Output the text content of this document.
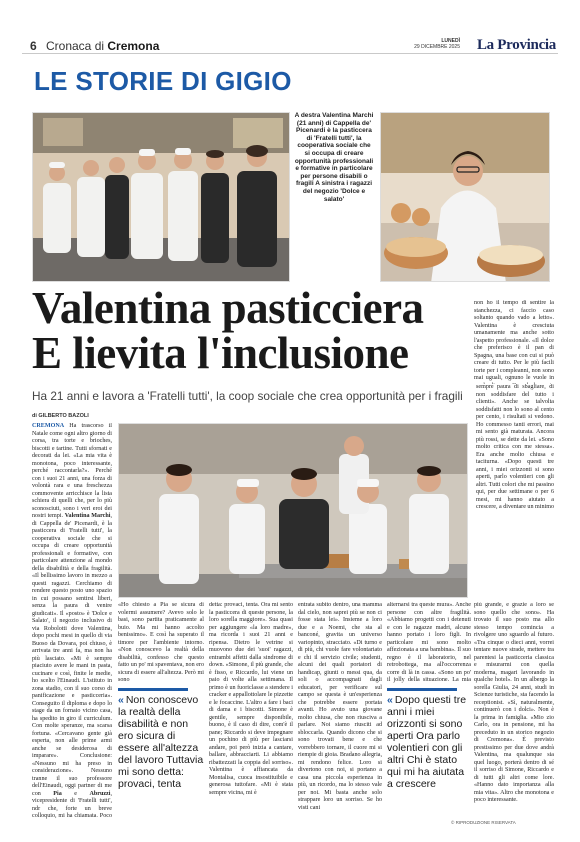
6 Cronaca di Cremona	LUNEDÌ
29 DICEMBRE 2025 La Provincia
LE STORIE DI GIGIO
A destra Valentina Marchi (21 anni) di Cappella de' Picenardi è la pasticcera di 'Fratelli tutti', la cooperativa sociale che si occupa di creare opportunità professionali e formative in particolare per persone disabili o fragili A sinistra i ragazzi del negozio 'Dolce e salato'
Valentina pasticciera
E lievita l'inclusione
Ha 21 anni e lavora a 'Fratelli tutti', la coop sociale che crea opportunità per i fragili
di GILBERTO BAZOLI
CREMONA Ha trascorso il Natale come ogni altro giorno di corsa, tra torte e brioches, biscotti e tartine. Tutti sfornati e decorati da lei. «La mia vita è monotona, poco interessante, perché raccontarla?». Perché con i suoi 21 anni, una forza di volontà rara e una freschezza commovente arricchisce la lista schiera di quelli che, per lo più sconosciuti, sono i veri eroi dei nostri tempi. Valentina Marchi, di Cappella de' Picenardi, è la pasticcera di 'Fratelli tutti', la cooperativa sociale che si occupa di creare opportunità professionali e formative, con particolare attenzione al mondo della disabilità e della fragilità. «Il bellissimo lavoro in mezzo a questi ragazzi. Cerchiamo di rendere questo posto uno spazio in cui possano sentirsi liberi, senza la paura di venire giudicati». Il «posto» è 'Dolce e Salato', il negozio inclusivo di via Robolotti dove Valentina, dopo pochi mesi in quello di via Buoso da Dovara, poi chiuso, è arrivata tre anni fa, ma non ha più lasciato. «Mi è sempre piaciuto avere le mani in pasta, cucinare e così, finite le medie, ho scelto l'Einaudi. L'istituto in zona stadio, con il suo corso di panificazione e pasticceria». Conseguito il diploma e dopo lo stage da un fornaio vicino casa, ha spedito in giro il curriculum. Con molte speranze, ma scarsa fortuna. «Cercavano gente già esperta, non alle prime armi anche se desiderosa di imparare». Conclusione: «Nessuno mi ha preso in considerazione». Nessuno tranne il suo professore dell'Einaudi, oggi partner di me con Pia e Abruzzi, vicepresidente di 'Fratelli tutti', ndr che, forte un breve colloquio, mi ha chiamata. Poco
non ho il tempo di sentire la stanchezza, ci faccio caso soltanto quando vado a letto». Valentina è cresciuta umanamente ma anche sotto l'aspetto professionale. «Il dolce che preferisco è il pan di Spagna, una base con cui si può creare di tutto. Per le più facili torte per i compleanni, non sono mai uguali, ognuno le vuole in
sempre paura di sbagliare, di non soddisfare del tutto i clienti». Anche se talvolta soddisfatti non lo sono al cento per cento, i risultati si vedono. Ho commesso tanti errori, mai mi sento già maturata. Ancora più rossi, se dette da lei. «Sono molto critica con me stessa». Era anche molto chiusa e taciturna. «Dopo questi tre anni, i miei orizzonti si sono aperti, parlo volentieri con gli altri. Tutti colori che mi passino qui, per due settimane o per 6 mesi, mi hanno aiutato a crescere, a diventare un minimo
più grande, e grazie a loro se sono quello che sono». Ha trovato il suo posto ma allo stesso tempo comincia a rivolgere uno sguardo al futuro. «Tra cinque o dieci anni, vorrei tentare nuove strade, mettere tra parentesi la pasticceria classica e misurarmi con quella moderna, magari lavorando in qualche hotel». In un albergo la sorella Giulia, 24 anni, studi in Scienze turistiche, sta facendo la receptionist. «Sì, naturalmente, continuerò con i dolci». Non è la prima in famiglia. «Mio zio Carlo, ora in pensione, mi ha preceduto in un storico negozio di Cremona». È previsto prestissimo per due dove andrà Valentina, ma qualunque sia quel luogo, porterà dentro di sé il sorriso di Simone, Riccardo e di tutti gli altri come lore. «Hanno dato importanza alla mia vita». Altro che monotona e poco interessante.
«Ho chiesto a Pia se sicura di volermi assumere? Avevo solo le basi, sono partita praticamente al buio. Ma mi hanno accolto benissimo». E così ha superato il timore per l'ambiente intorno. «Non conoscevo la realtà della disabilità, confesso che questo fatto un po' mi spaventava, non ero sicura di essere all'altezza. Però mi sono
« Non conoscevo la realtà della disabilità e non ero sicura di essere all'altezza del lavoro Tuttavia mi sono detta: provaci, tenta
detta: provaci, tenta. Ora mi sento la pasticcera di queste persone, la loro sorella maggiore». Sua quasi per aggiungere «la loro madre», ma ricorda i suoi 21 anni e ripensa. Dietro le vetrine si muovono due dei 'suoi' ragazzi, entrambi affetti dalla sindrome di down. «Simone, il più grande, che è fisso, e Riccardo, lui viene un paio di volte alla settimana. Il primo è un fuoriclasse a stendere i cracker e appallottolare le pizzette e le focaccine. L'altro a fare i baci di dama e i biscotti. Simone è gentile, sempre disponibile, buono, è il caso di dire, com'è il pane; Riccardo si deve impegnare un pochino di più per lasciarsi andare, poi però inizia a cantare, ballare, abbracciarti. Li abbiamo ribattezzati la coppia del sorriso». Valentina è affiancata da Montalisa, cuoca insostituibile e generosa tuttofare. «Mi è stata sempre vicina, mi è
entrata subito dentro, una mamma dal cielo, non saprei più se non ci fosse stata lei». Insieme a loro due e a Noemi, che sta al banconé, gravita un universo variopinto, stracciato. «Di turno e di più, chi vuole fare volontariato e chi il servizio civile; studenti, alcuni dei quali portatori di handicap, giunti o messi qua, da soli o accompagnati dagli educatori, per verificare sul campo se questa è un'esperienza che potrebbe essere portata avanti. Ho avuto una giovane molto chiusa, che non riusciva a parlare. Noi siamo riusciti ad sbloccarla. Quando dicono che si sono trovati bene e che vorrebbero tornare, il cuore mi si riempie di gioia. Bradano allegria, mi rendono felice. Loro si divertono con noi, si portano a casa una piccola esperienza in più, un ricordo, ma lo stesso vale per noi. Mi basta anche solo strappare loro un sorriso. Se ho visti cani
alternarsi tra queste mura». Anche persone con altre fragilità. «Abbiamo progetti con i detenuti e con le ragazze madri, alcune hanno portato i loro figli. In particolare mi sono molto affezionata a una bambina». Il suo regno è il laboratorio, nel retrobottega, ma all'occorrenza corre di là in cassa. «Sono un po' il jolly della situazione. La mia
« Dopo questi tre anni i miei orizzonti si sono aperti Ora parlo volentieri con gli altri Chi è stato qui mi ha aiutata a crescere
© RIPRODUZIONE RISERVATA
